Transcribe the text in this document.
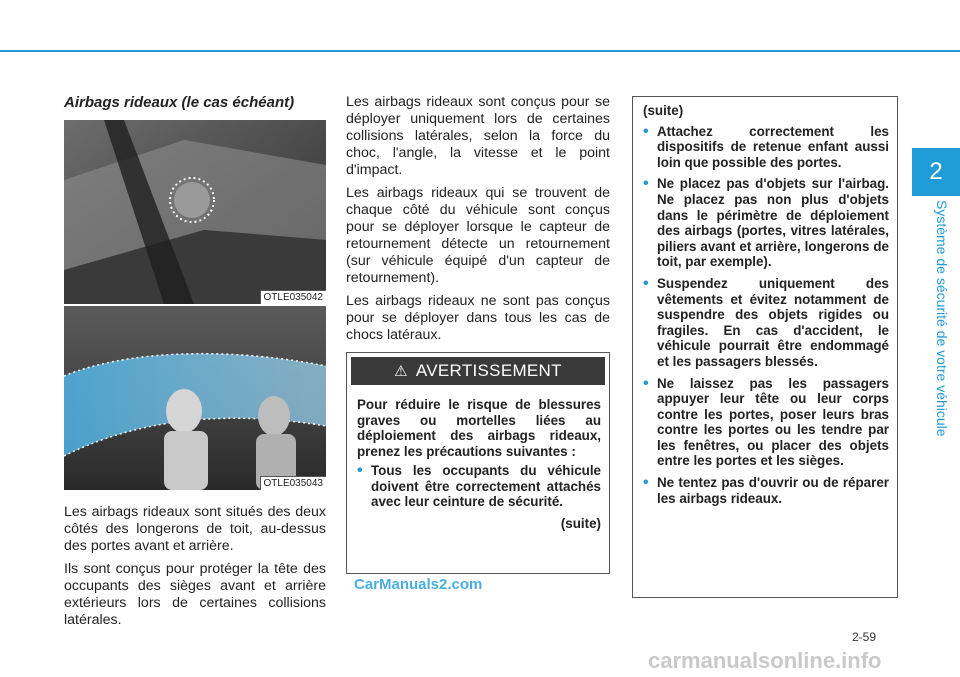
2
Système de sécurité de votre véhicule
Airbags rideaux (le cas échéant)
OTLE035042
OTLE035043

Les airbags rideaux sont situés des deux côtés des longerons de toit, au-dessus des portes avant et arrière.

Ils sont conçus pour protéger la tête des occupants des sièges avant et arrière extérieurs lors de certaines collisions latérales.

Les airbags rideaux sont conçus pour se déployer uniquement lors de certaines collisions latérales, selon la force du choc, l'angle, la vitesse et le point d'impact.

Les airbags rideaux qui se trouvent de chaque côté du véhicule sont conçus pour se déployer lorsque le capteur de retournement détecte un retournement (sur véhicule équipé d'un capteur de retournement).

Les airbags rideaux ne sont pas conçus pour se déployer dans tous les cas de chocs latéraux.

⚠ AVERTISSEMENT

Pour réduire le risque de blessures graves ou mortelles liées au déploiement des airbags rideaux, prenez les précautions suivantes :

• Tous les occupants du véhicule doivent être correctement attachés avec leur ceinture de sécurité.
(suite)
(suite)
• Attachez correctement les dispositifs de retenue enfant aussi loin que possible des portes.
• Ne placez pas d'objets sur l'airbag. Ne placez pas non plus d'objets dans le périmètre de déploiement des airbags (portes, vitres latérales, piliers avant et arrière, longerons de toit, par exemple).
• Suspendez uniquement des vêtements et évitez notamment de suspendre des objets rigides ou fragiles. En cas d'accident, le véhicule pourrait être endommagé et les passagers blessés.
• Ne laissez pas les passagers appuyer leur tête ou leur corps contre les portes, poser leurs bras contre les portes ou les tendre par les fenêtres, ou placer des objets entre les portes et les sièges.
• Ne tentez pas d'ouvrir ou de réparer les airbags rideaux.
CarManuals2.com
2-59
carmanualsonline.info
